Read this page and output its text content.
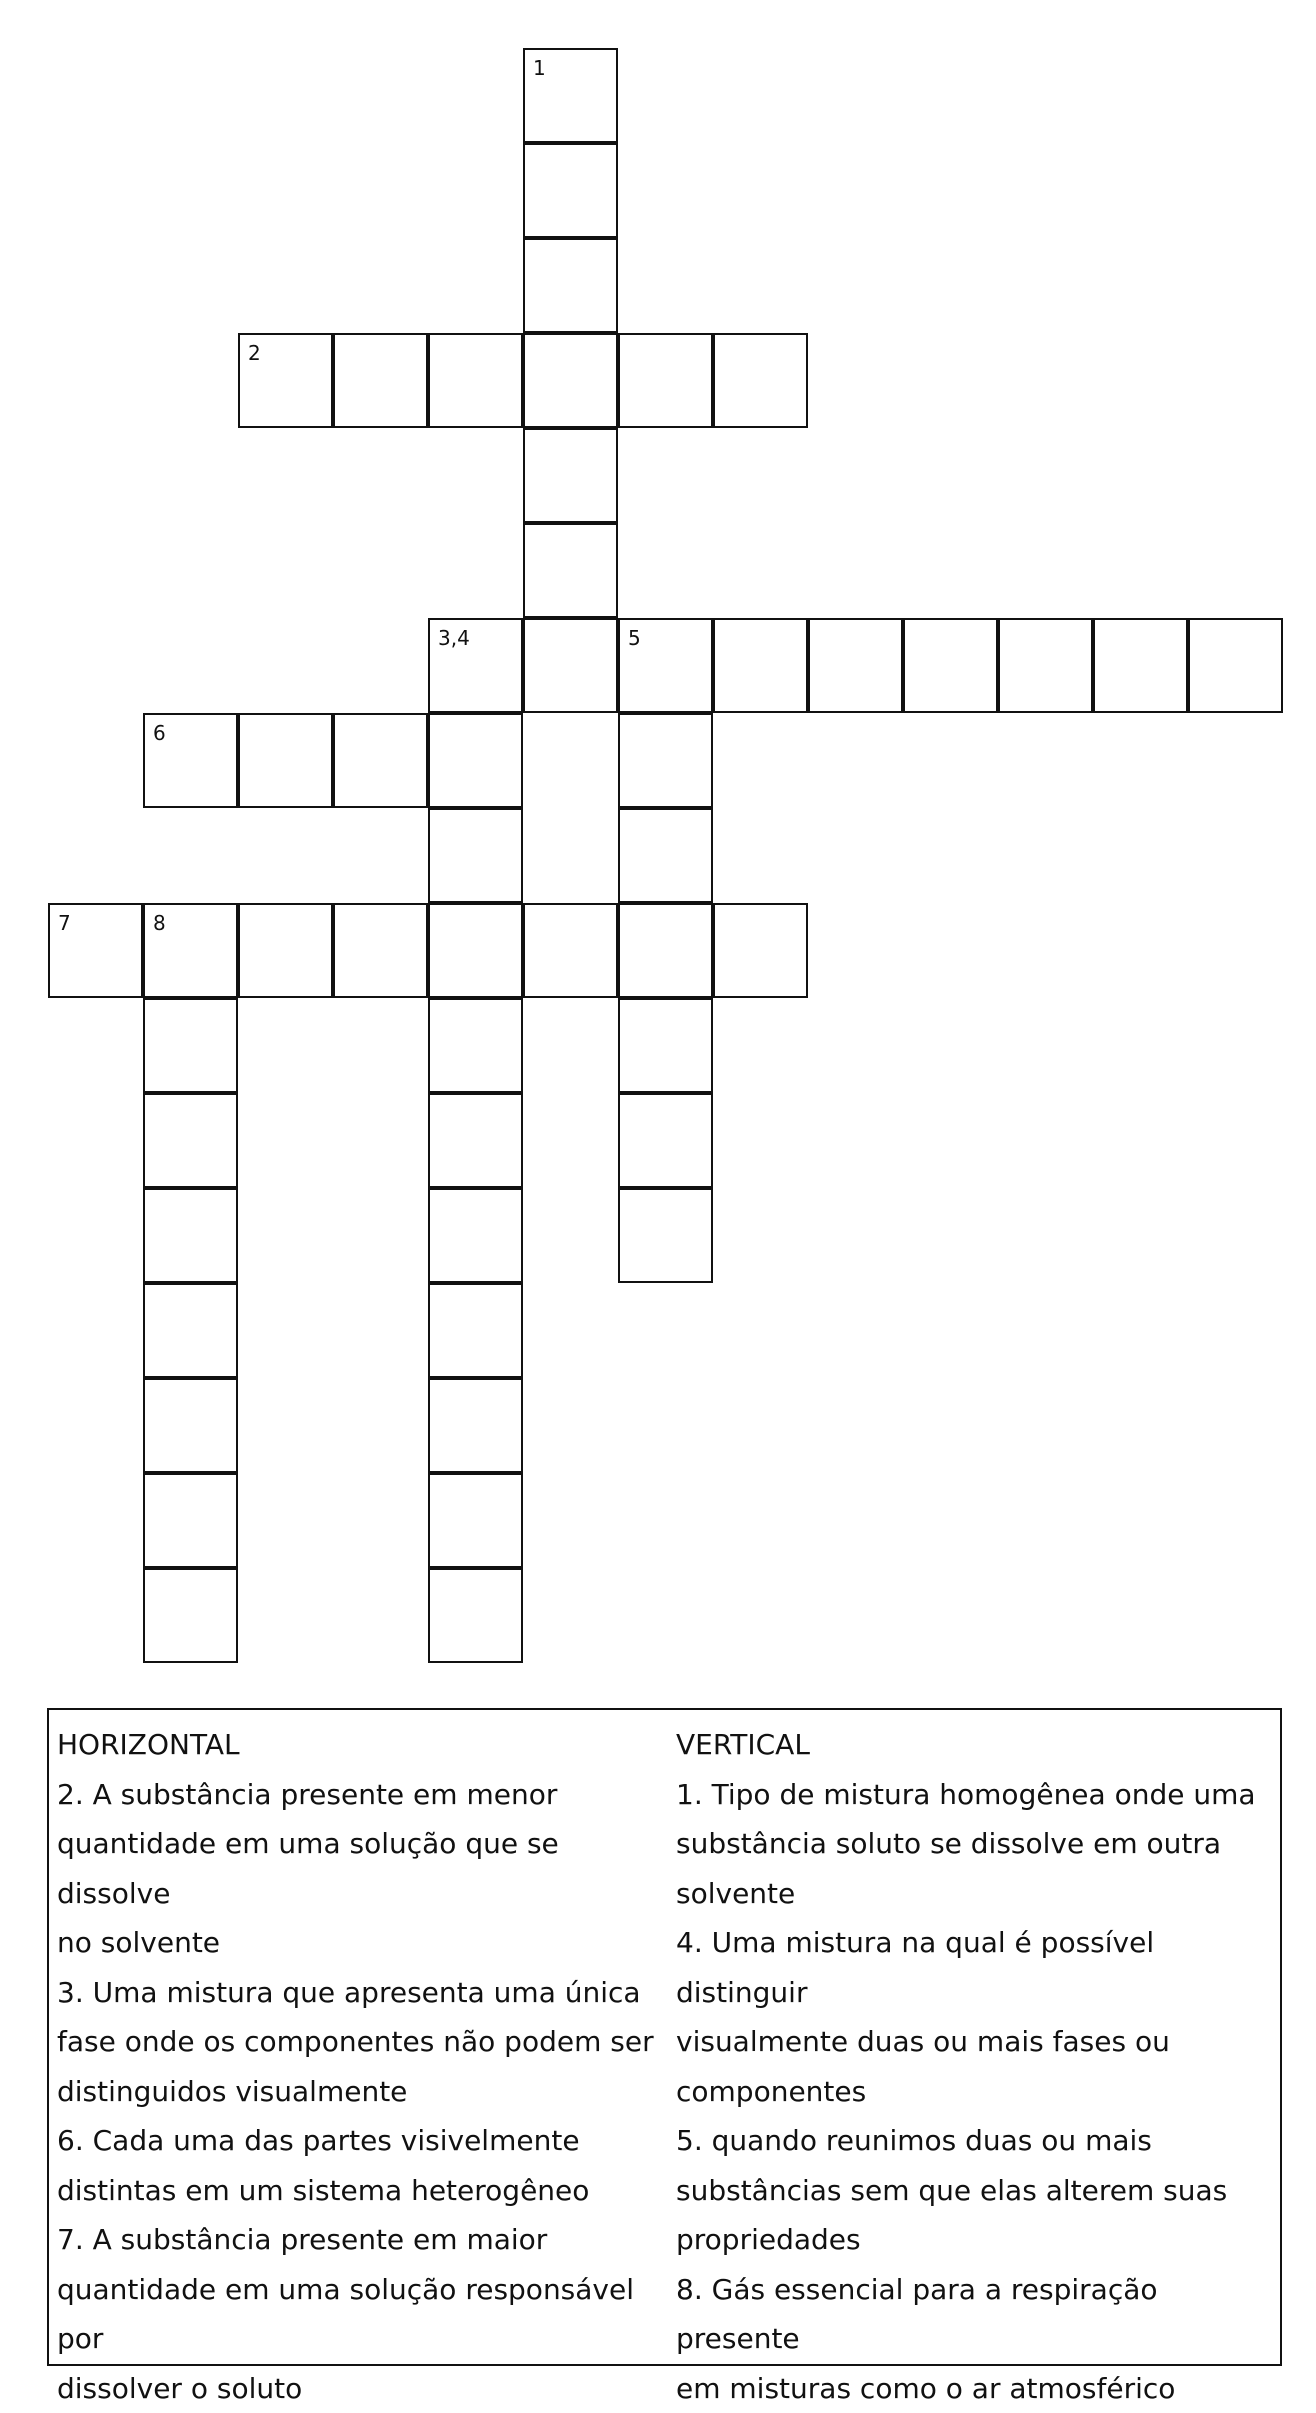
1
2
3,4	5
6
7	8
HORIZONTAL
2. A substância presente em menor
quantidade em uma solução que se dissolve
no solvente
3. Uma mistura que apresenta uma única
fase onde os componentes não podem ser
distinguidos visualmente
6. Cada uma das partes visivelmente
distintas em um sistema heterogêneo
7. A substância presente em maior
quantidade em uma solução responsável por
dissolver o soluto
VERTICAL
1. Tipo de mistura homogênea onde uma
substância soluto se dissolve em outra
solvente
4. Uma mistura na qual é possível distinguir
visualmente duas ou mais fases ou
componentes
5. quando reunimos duas ou mais
substâncias sem que elas alterem suas
propriedades
8. Gás essencial para a respiração presente
em misturas como o ar atmosférico
